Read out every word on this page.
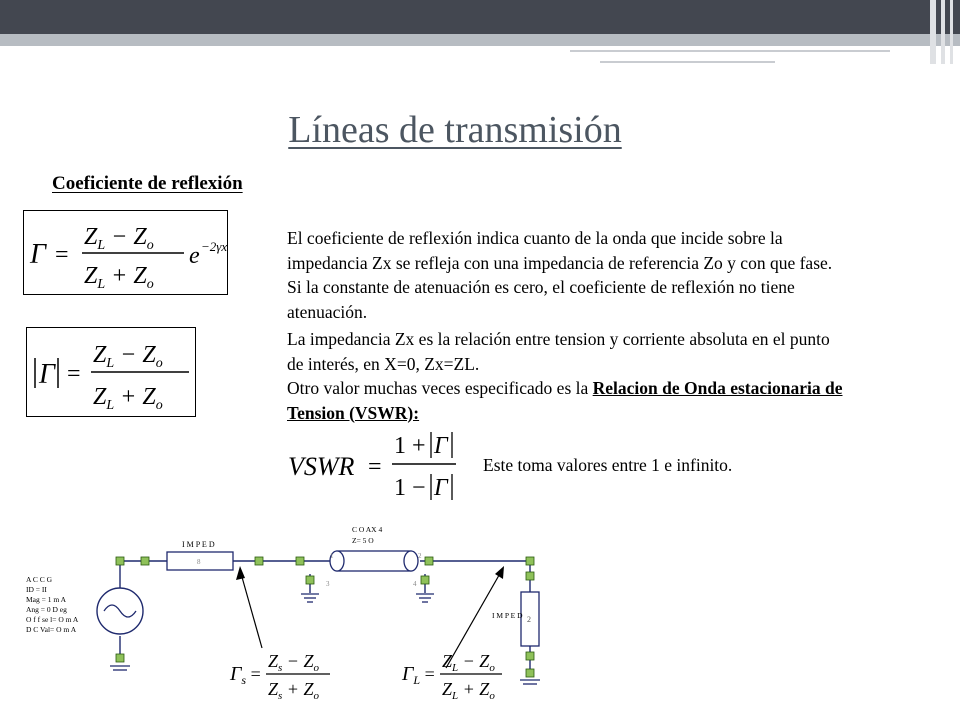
Líneas de transmisión
Coeficiente de reflexión
Γ =
$Z_L - Z_o$
$Z_L + Z_o$
e −2γx
Γ =
$Z_L - Z_o$
$Z_L + Z_o$

El coeficiente de reflexión indica cuanto de la onda que incide sobre la impedancia Zx se refleja con una impedancia de referencia Zo y con que fase. Si la constante de atenuación es cero, el coeficiente de reflexión no tiene atenuación.

La impedancia Zx es la relación entre tension y corriente absoluta en el punto de interés, en X=0, Zx=ZL.

Otro valor muchas veces especificado es la Relacion de Onda estacionaria de Tension (VSWR):

VSWR =
1 + Γ
1 − Γ
Este toma valores entre 1 e infinito.
I M P E D
8
C O AX 4
Z= 5 O
1	2
3	4
A C C G
ID = II
Mag = 1 m A
Ang = 0 D eg
O f f se l= O m A
D C Val= O m A
I M P E D 2
$\Gamma_s$ =
$Z_s - Z_o$
$Z_s + Z_o$
$\Gamma_L$ =
$Z_L - Z_o$
$Z_L + Z_o$
